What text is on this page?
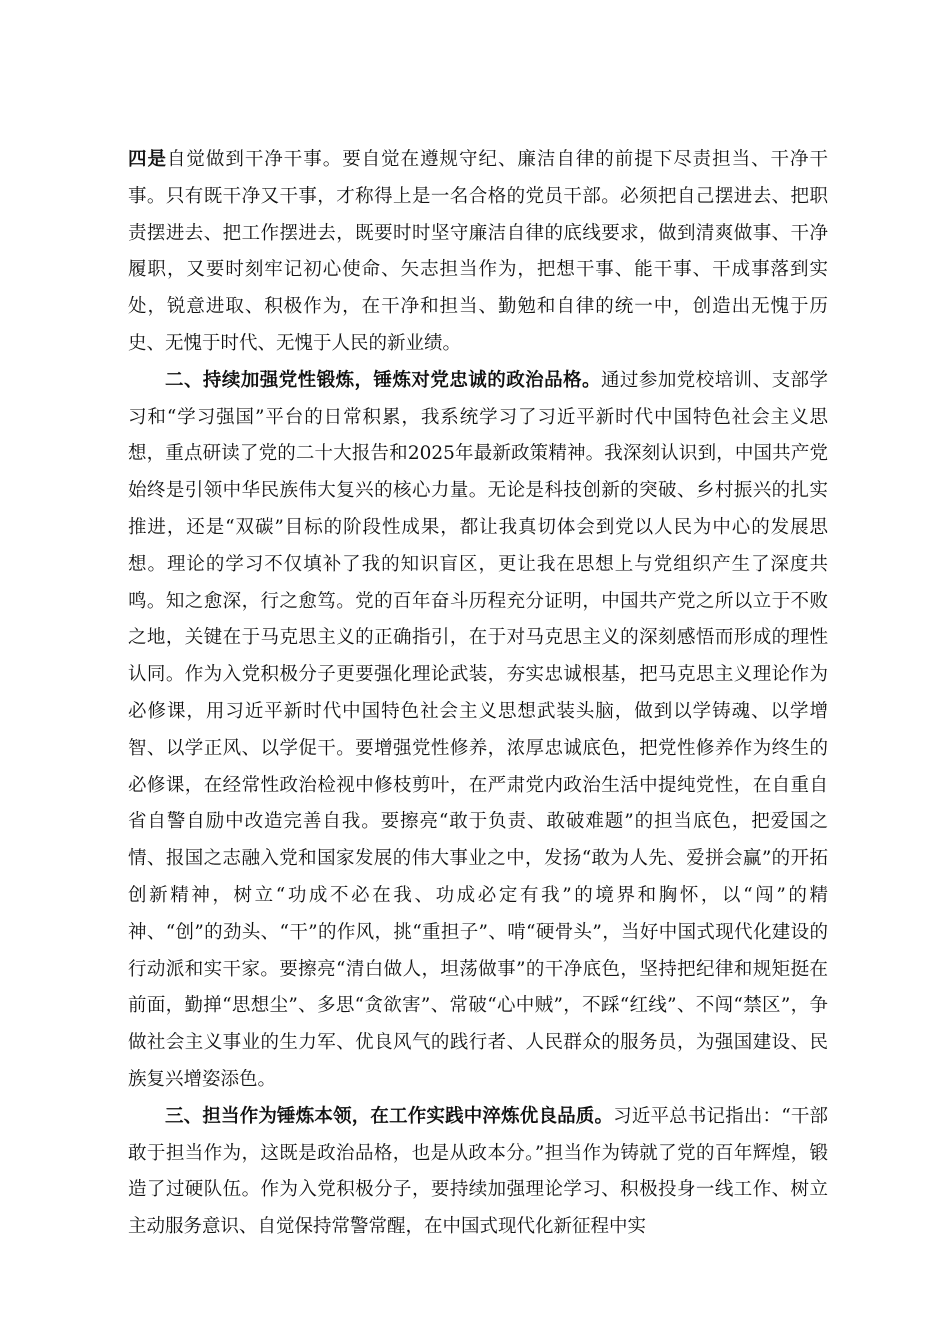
四是自觉做到干净干事。要自觉在遵规守纪、廉洁自律的前提下尽责担当、干净干事。只有既干净又干事，才称得上是一名合格的党员干部。必须把自己摆进去、把职责摆进去、把工作摆进去，既要时时坚守廉洁自律的底线要求，做到清爽做事、干净履职，又要时刻牢记初心使命、矢志担当作为，把想干事、能干事、干成事落到实处，锐意进取、积极作为，在干净和担当、勤勉和自律的统一中，创造出无愧于历史、无愧于时代、无愧于人民的新业绩。

二、持续加强党性锻炼，锤炼对党忠诚的政治品格。通过参加党校培训、支部学习和“学习强国”平台的日常积累，我系统学习了习近平新时代中国特色社会主义思想，重点研读了党的二十大报告和2025年最新政策精神。我深刻认识到，中国共产党始终是引领中华民族伟大复兴的核心力量。无论是科技创新的突破、乡村振兴的扎实推进，还是“双碳”目标的阶段性成果，都让我真切体会到党以人民为中心的发展思想。理论的学习不仅填补了我的知识盲区，更让我在思想上与党组织产生了深度共鸣。知之愈深，行之愈笃。党的百年奋斗历程充分证明，中国共产党之所以立于不败之地，关键在于马克思主义的正确指引，在于对马克思主义的深刻感悟而形成的理性认同。作为入党积极分子更要强化理论武装，夯实忠诚根基，把马克思主义理论作为必修课，用习近平新时代中国特色社会主义思想武装头脑，做到以学铸魂、以学增智、以学正风、以学促干。要增强党性修养，浓厚忠诚底色，把党性修养作为终生的必修课，在经常性政治检视中修枝剪叶，在严肃党内政治生活中提纯党性，在自重自省自警自励中改造完善自我。要擦亮“敢于负责、敢破难题”的担当底色，把爱国之情、报国之志融入党和国家发展的伟大事业之中，发扬“敢为人先、爱拼会赢”的开拓创新精神，树立“功成不必在我、功成必定有我”的境界和胸怀，以“闯”的精神、“创”的劲头、“干”的作风，挑“重担子”、啃“硬骨头”，当好中国式现代化建设的行动派和实干家。要擦亮“清白做人，坦荡做事”的干净底色，坚持把纪律和规矩挺在前面，勤掸“思想尘”、多思“贪欲害”、常破“心中贼”，不踩“红线”、不闯“禁区”，争做社会主义事业的生力军、优良风气的践行者、人民群众的服务员，为强国建设、民族复兴增姿添色。

三、担当作为锤炼本领，在工作实践中淬炼优良品质。习近平总书记指出：“干部敢于担当作为，这既是政治品格，也是从政本分。”担当作为铸就了党的百年辉煌，锻造了过硬队伍。作为入党积极分子，要持续加强理论学习、积极投身一线工作、树立主动服务意识、自觉保持常警常醒，在中国式现代化新征程中实
